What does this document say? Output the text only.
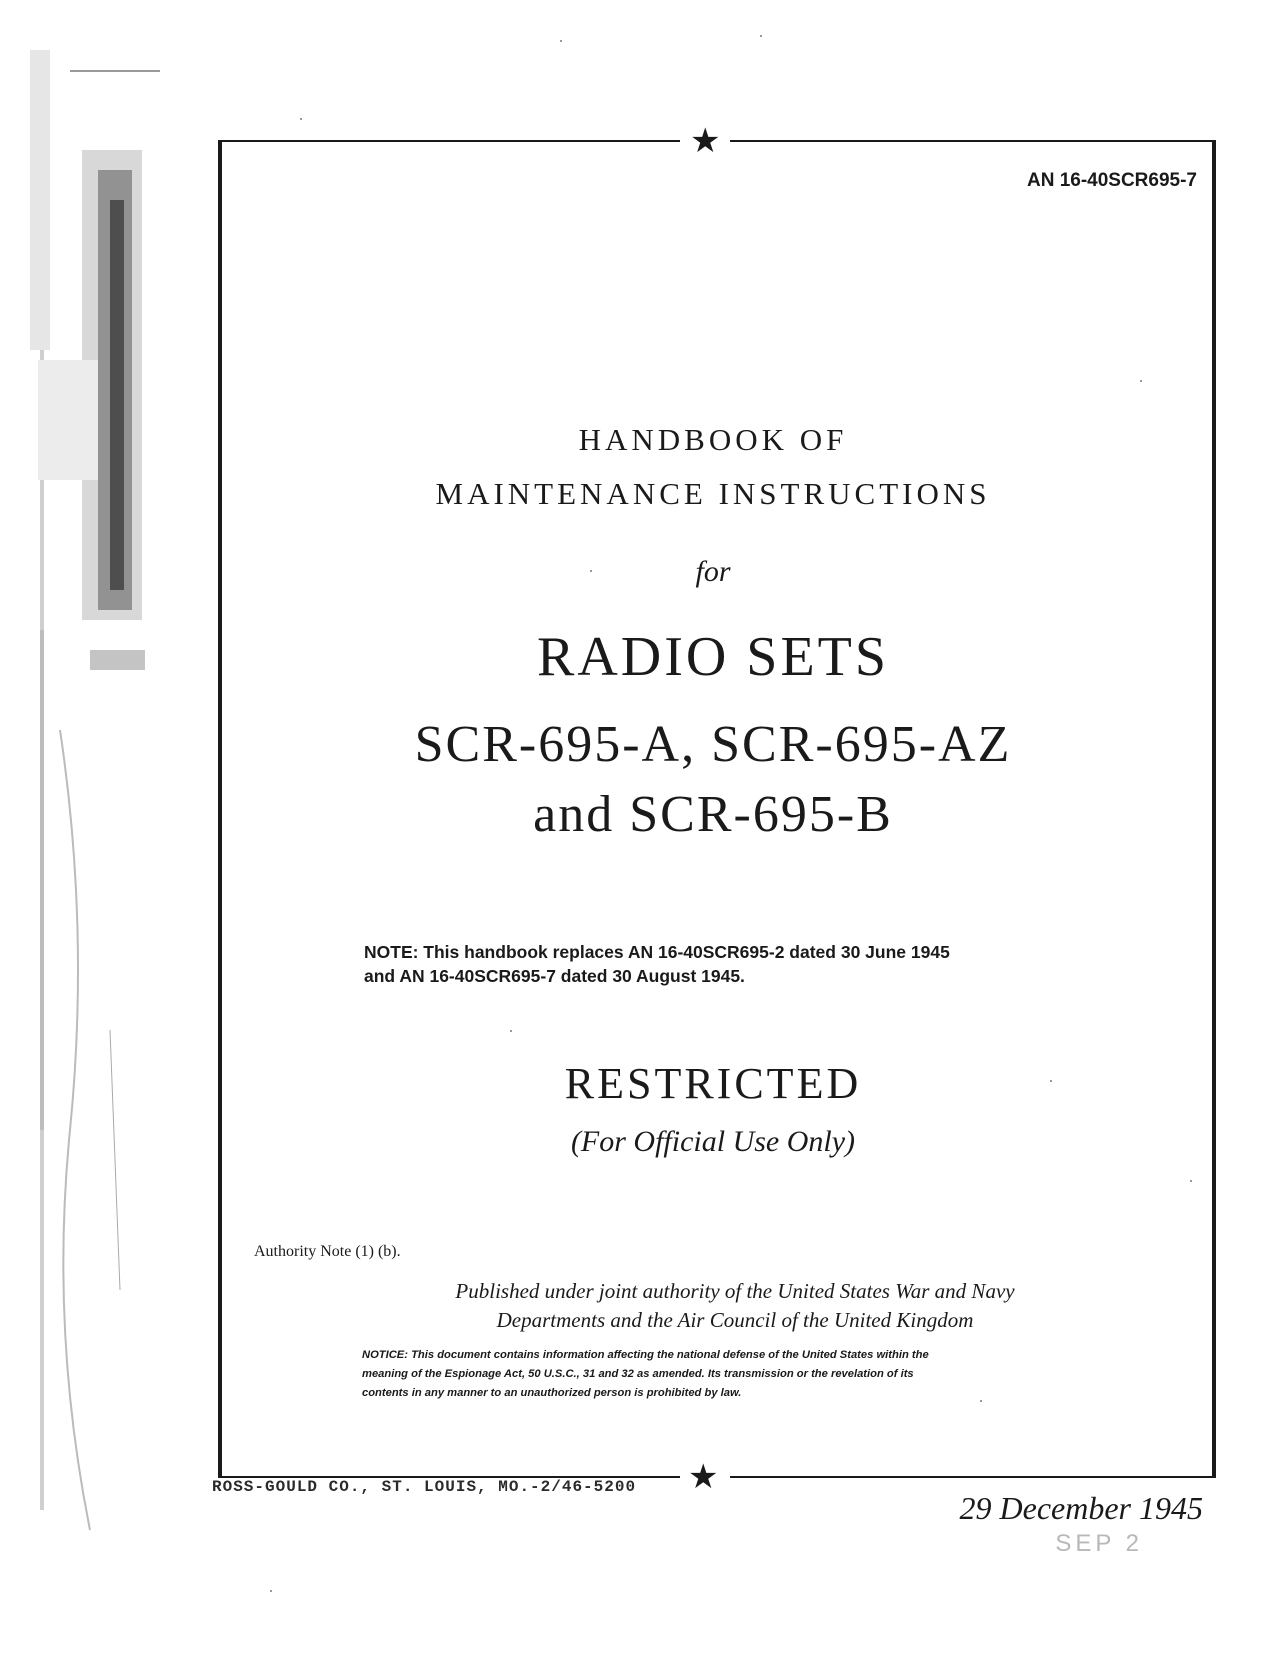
★
★
AN 16-40SCR695-7
HANDBOOK OF
MAINTENANCE INSTRUCTIONS
for
RADIO SETS
SCR-695-A, SCR-695-AZ
and SCR-695-B
NOTE: This handbook replaces AN 16-40SCR695-2 dated 30 June 1945
and AN 16-40SCR695-7 dated 30 August 1945.
RESTRICTED
(For Official Use Only)
Authority Note (1) (b).
Published under joint authority of the United States War and Navy
Departments and the Air Council of the United Kingdom
NOTICE: This document contains information affecting the national defense of the United States within the
meaning of the Espionage Act, 50 U.S.C., 31 and 32 as amended. Its transmission or the revelation of its
contents in any manner to an unauthorized person is prohibited by law.
ROSS-GOULD CO., ST. LOUIS, MO.-2/46-5200
29 December 1945
SEP 2
